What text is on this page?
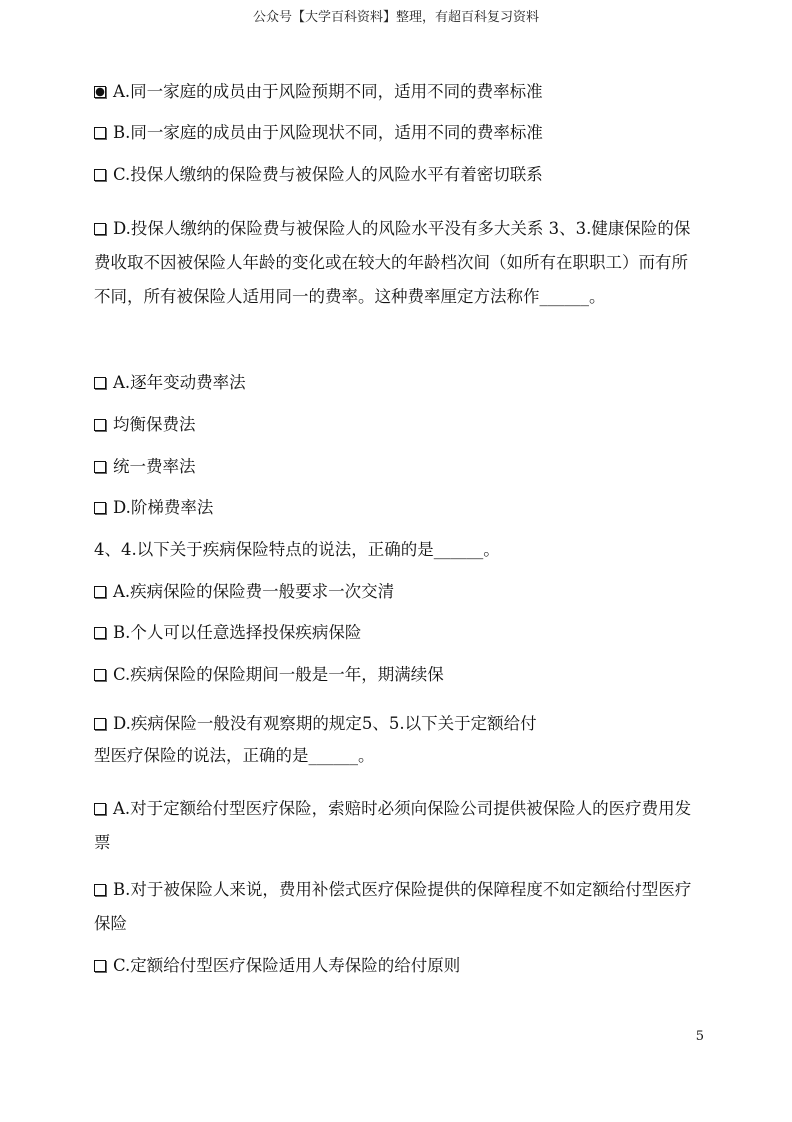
公众号【大学百科资料】整理，有超百科复习资料
A.同一家庭的成员由于风险预期不同，适用不同的费率标准
B.同一家庭的成员由于风险现状不同，适用不同的费率标准
C.投保人缴纳的保险费与被保险人的风险水平有着密切联系
D.投保人缴纳的保险费与被保险人的风险水平没有多大关系 3、3.健康保险的保费收取不因被保险人年龄的变化或在较大的年龄档次间（如所有在职职工）而有所不同，所有被保险人适用同一的费率。这种费率厘定方法称作______。
A.逐年变动费率法
均衡保费法
统一费率法
D.阶梯费率法
4、4.以下关于疾病保险特点的说法，正确的是______。
A.疾病保险的保险费一般要求一次交清
B.个人可以任意选择投保疾病保险
C.疾病保险的保险期间一般是一年，期满续保
D.疾病保险一般没有观察期的规定5、5.以下关于定额给付
型医疗保险的说法，正确的是______。
A.对于定额给付型医疗保险，索赔时必须向保险公司提供被保险人的医疗费用发票
B.对于被保险人来说，费用补偿式医疗保险提供的保障程度不如定额给付型医疗保险
C.定额给付型医疗保险适用人寿保险的给付原则
5
